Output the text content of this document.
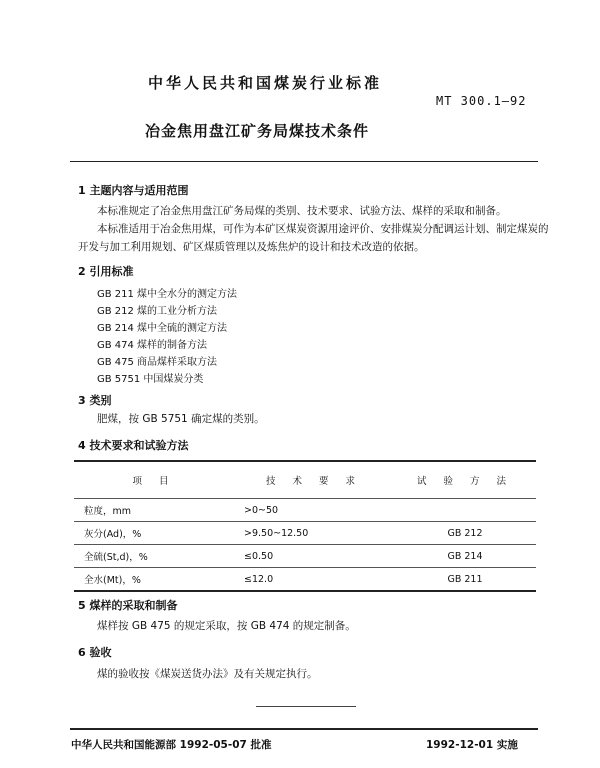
中华人民共和国煤炭行业标准
MT 300.1—92
冶金焦用盘江矿务局煤技术条件
1 主题内容与适用范围
本标准规定了冶金焦用盘江矿务局煤的类别、技术要求、试验方法、煤样的采取和制备。
本标准适用于冶金焦用煤，可作为本矿区煤炭资源用途评价、安排煤炭分配调运计划、制定煤炭的
开发与加工利用规划、矿区煤质管理以及炼焦炉的设计和技术改造的依据。
2 引用标准
GB 211 煤中全水分的测定方法
GB 212 煤的工业分析方法
GB 214 煤中全硫的测定方法
GB 474 煤样的制备方法
GB 475 商品煤样采取方法
GB 5751 中国煤炭分类
3 类别
肥煤，按 GB 5751 确定煤的类别。
4 技术要求和试验方法
项 目	技 术 要 求	试 验 方 法
粒度，mm	>0~50	
灰分(Ad)，%	>9.50~12.50	GB 212
全硫(St,d)，%	≤0.50	GB 214
全水(Mt)，%	≤12.0	GB 211
5 煤样的采取和制备
煤样按 GB 475 的规定采取，按 GB 474 的规定制备。
6 验收
煤的验收按《煤炭送货办法》及有关规定执行。
中华人民共和国能源部 1992-05-07 批准	1992-12-01 实施
